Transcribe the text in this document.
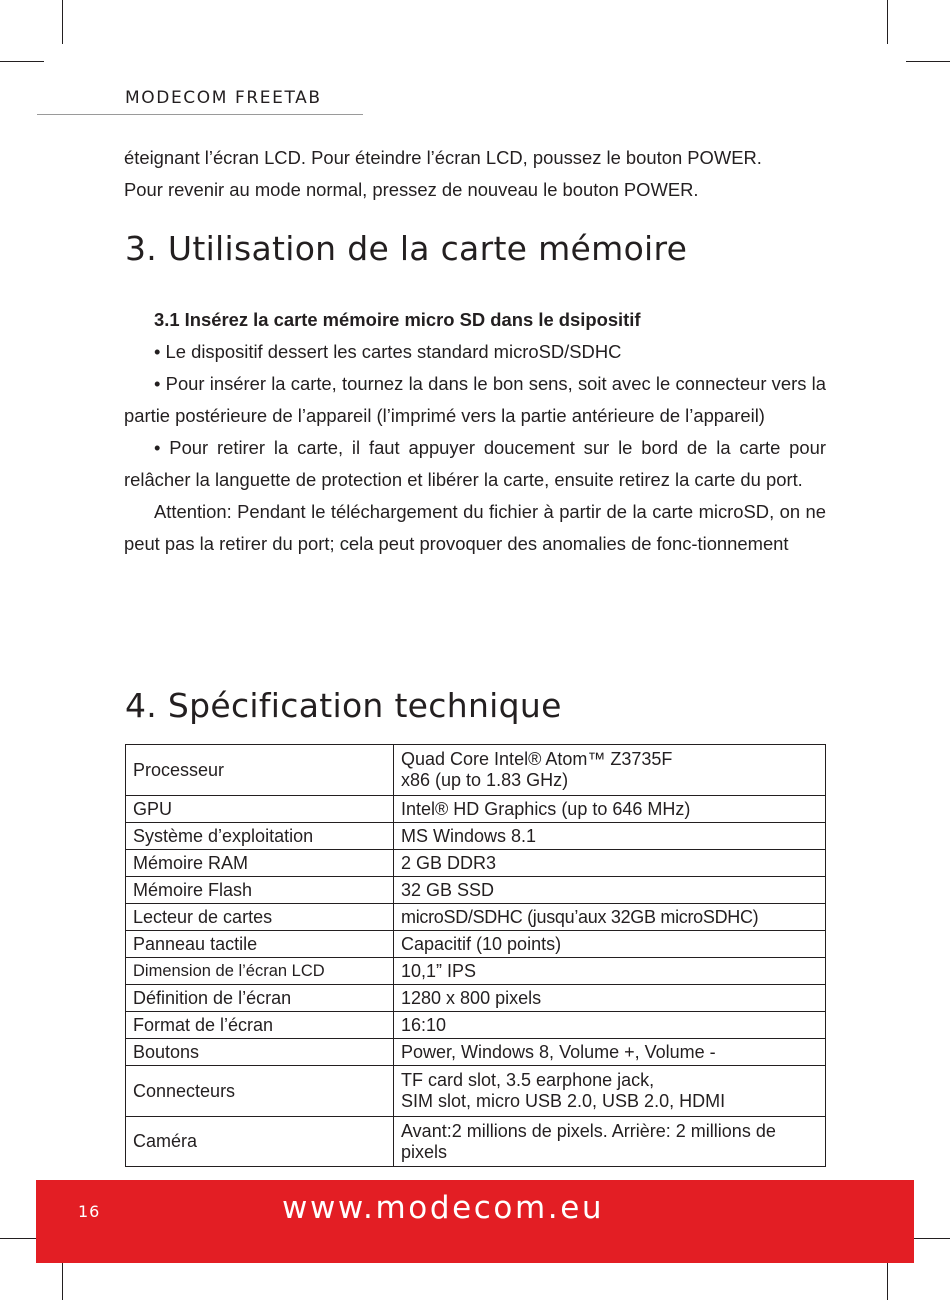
MODECOM FREETAB

éteignant l’écran LCD. Pour éteindre l’écran LCD, poussez le bouton POWER.

Pour revenir au mode normal, pressez de nouveau le bouton POWER.

3. Utilisation de la carte mémoire

3.1 Insérez la carte mémoire micro SD dans le dsipositif

• Le dispositif dessert les cartes standard microSD/SDHC

• Pour insérer la carte, tournez la dans le bon sens, soit avec le connecteur vers la partie postérieure de l’appareil (l’imprimé vers la partie antérieure de l’appareil)

• Pour retirer la carte, il faut appuyer doucement sur le bord de la carte pour relâcher la languette de protection et libérer la carte, ensuite retirez la carte du port.

Attention: Pendant le téléchargement du fichier à partir de la carte microSD, on ne peut pas la retirer du port; cela peut provoquer des anomalies de fonc-tionnement

4. Spécification technique
Processeur	Quad Core Intel® Atom™ Z3735F
x86 (up to 1.83 GHz)

GPU	Intel® HD Graphics (up to 646 MHz)
Système d’exploitation	MS Windows 8.1
Mémoire RAM	2 GB DDR3
Mémoire Flash	32 GB SSD
Lecteur de cartes	microSD/SDHC (jusqu’aux 32GB microSDHC)
Panneau tactile	Capacitif (10 points)
Dimension de l’écran LCD	10,1” IPS
Définition de l’écran	1280 x 800 pixels
Format de l’écran	16:10
Boutons	Power, Windows 8, Volume +, Volume -
Connecteurs	TF card slot, 3.5 earphone jack,
SIM slot, micro USB 2.0, USB 2.0, HDMI

Caméra	Avant:2 millions de pixels. Arrière: 2 millions de
pixels
16	www.modecom.eu
